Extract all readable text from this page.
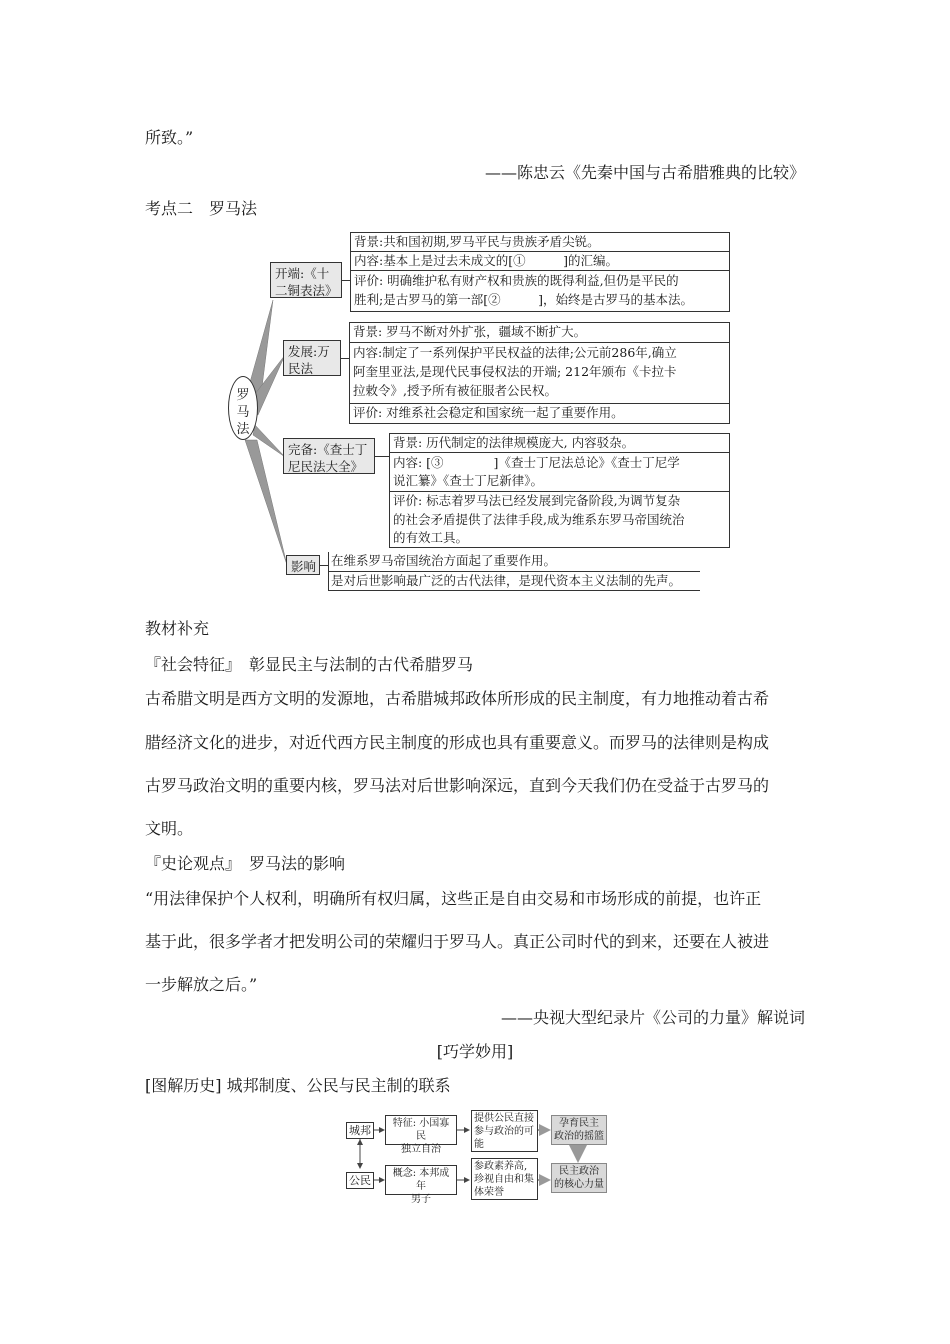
所致。”
——陈忠云《先秦中国与古希腊雅典的比较》
考点二　罗马法
罗马法
开端:《十二铜表法》
背景:共和国初期,罗马平民与贵族矛盾尖锐。
内容:基本上是过去未成文的[①　　　]的汇编。
评价: 明确维护私有财产权和贵族的既得利益,但仍是平民的
胜利;是古罗马的第一部[②　　　]，始终是古罗马的基本法。
发展:万民法
背景: 罗马不断对外扩张，疆域不断扩大。
内容:制定了一系列保护平民权益的法律;公元前286年,确立
阿奎里亚法,是现代民事侵权法的开端; 212年颁布《卡拉卡
拉敕令》,授予所有被征服者公民权。
评价: 对维系社会稳定和国家统一起了重要作用。
完备:《查士丁尼民法大全》
背景: 历代制定的法律规模庞大, 内容驳杂。
内容: [③　　　　]《查士丁尼法总论》《查士丁尼学
说汇纂》《查士丁尼新律》。
评价: 标志着罗马法已经发展到完备阶段,为调节复杂
的社会矛盾提供了法律手段,成为维系东罗马帝国统治
的有效工具。
影响	在维系罗马帝国统治方面起了重要作用。
是对后世影响最广泛的古代法律，是现代资本主义法制的先声。
教材补充
『社会特征』　彰显民主与法制的古代希腊罗马
古希腊文明是西方文明的发源地，古希腊城邦政体所形成的民主制度，有力地推动着古希
腊经济文化的进步，对近代西方民主制度的形成也具有重要意义。而罗马的法律则是构成
古罗马政治文明的重要内核，罗马法对后世影响深远，直到今天我们仍在受益于古罗马的
文明。
『史论观点』　罗马法的影响
“用法律保护个人权利，明确所有权归属，这些正是自由交易和市场形成的前提，也许正
基于此，很多学者才把发明公司的荣耀归于罗马人。真正公司时代的到来，还要在人被进
一步解放之后。”
——央视大型纪录片《公司的力量》解说词
[巧学妙用]
[图解历史] 城邦制度、公民与民主制的联系
城邦
公民
特征: 小国寡民
独立自治
概念: 本邦成年
男子
提供公民直接
参与政治的可
能
参政素养高,
珍视自由和集
体荣誉
孕育民主
政治的摇篮
民主政治
的核心力量
